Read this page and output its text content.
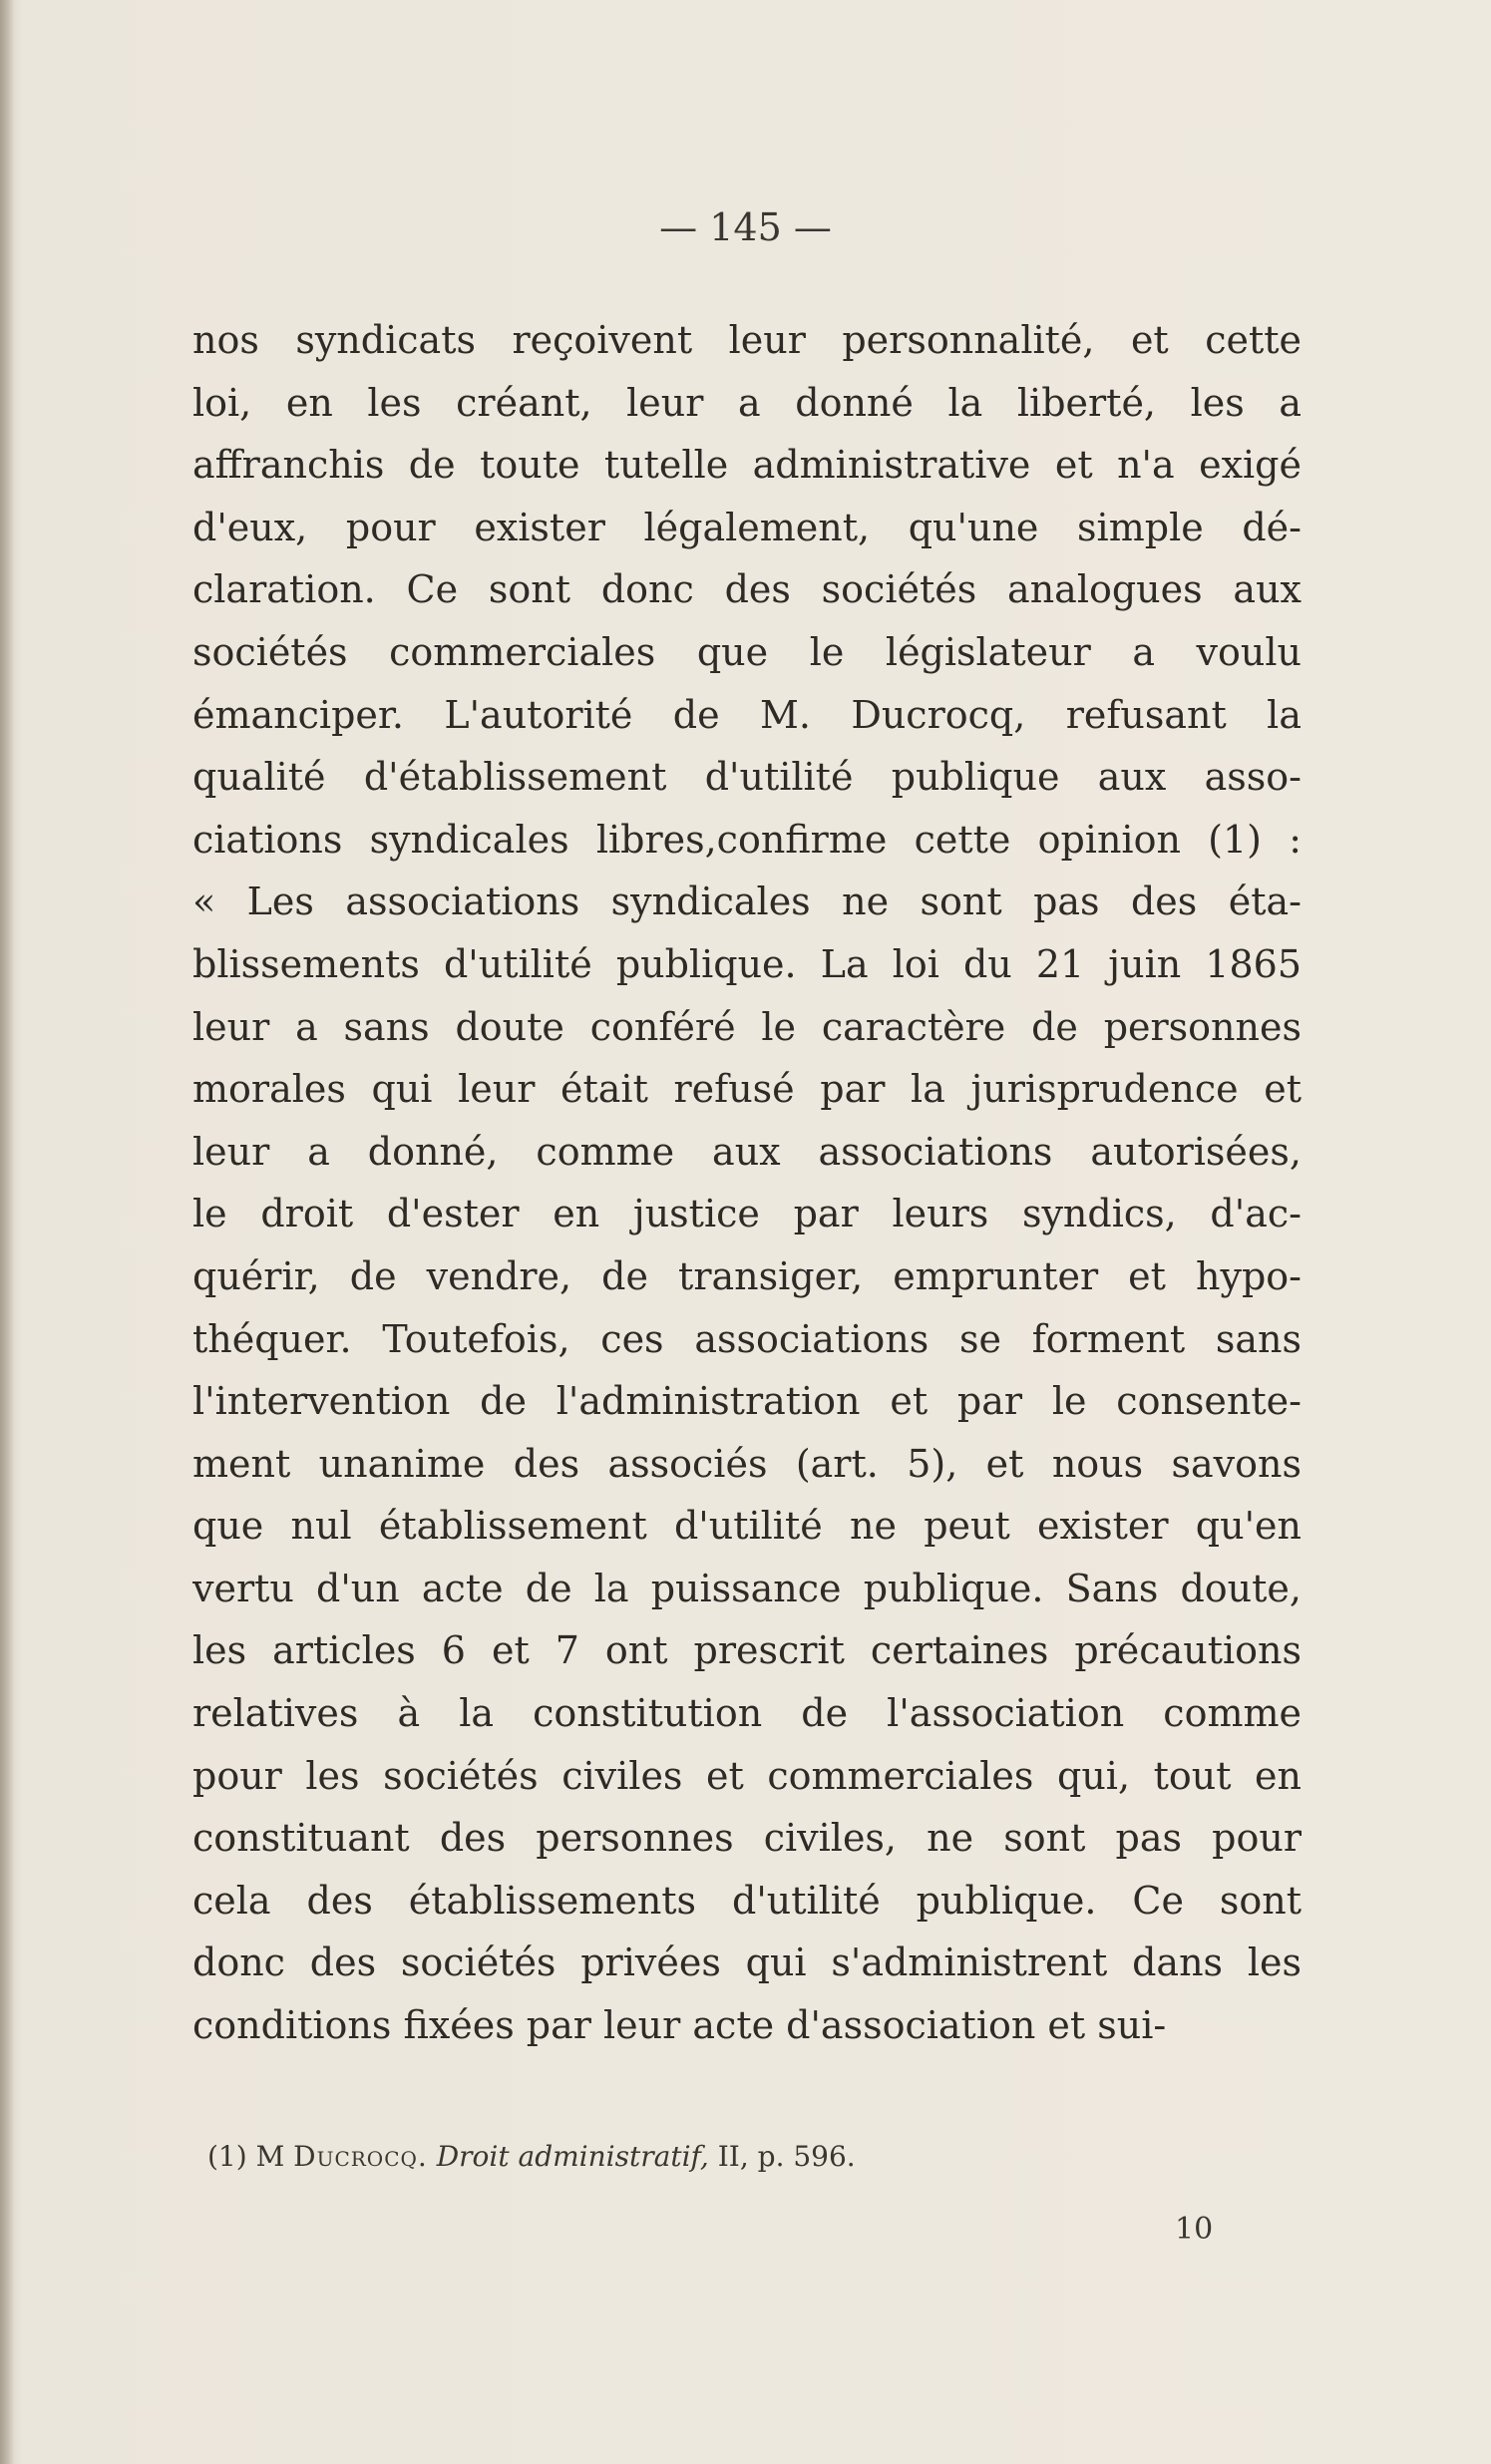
— 145 —
nos syndicats reçoivent leur personnalité, et cette
loi, en les créant, leur a donné la liberté, les a
affranchis de toute tutelle administrative et n'a exigé
d'eux, pour exister légalement, qu'une simple dé-
claration. Ce sont donc des sociétés analogues aux
sociétés commerciales que le législateur a voulu
émanciper. L'autorité de M. Ducrocq, refusant la
qualité d'établissement d'utilité publique aux asso-
ciations syndicales libres,confirme cette opinion (1) :
« Les associations syndicales ne sont pas des éta-
blissements d'utilité publique. La loi du 21 juin 1865
leur a sans doute conféré le caractère de personnes
morales qui leur était refusé par la jurisprudence et
leur a donné, comme aux associations autorisées,
le droit d'ester en justice par leurs syndics, d'ac-
quérir, de vendre, de transiger, emprunter et hypo-
théquer. Toutefois, ces associations se forment sans
l'intervention de l'administration et par le consente-
ment unanime des associés (art. 5), et nous savons
que nul établissement d'utilité ne peut exister qu'en
vertu d'un acte de la puissance publique. Sans doute,
les articles 6 et 7 ont prescrit certaines précautions
relatives à la constitution de l'association comme
pour les sociétés civiles et commerciales qui, tout en
constituant des personnes civiles, ne sont pas pour
cela des établissements d'utilité publique. Ce sont
donc des sociétés privées qui s'administrent dans les
conditions fixées par leur acte d'association et sui-
(1) M Ducrocq. Droit administratif, II, p. 596.
10
